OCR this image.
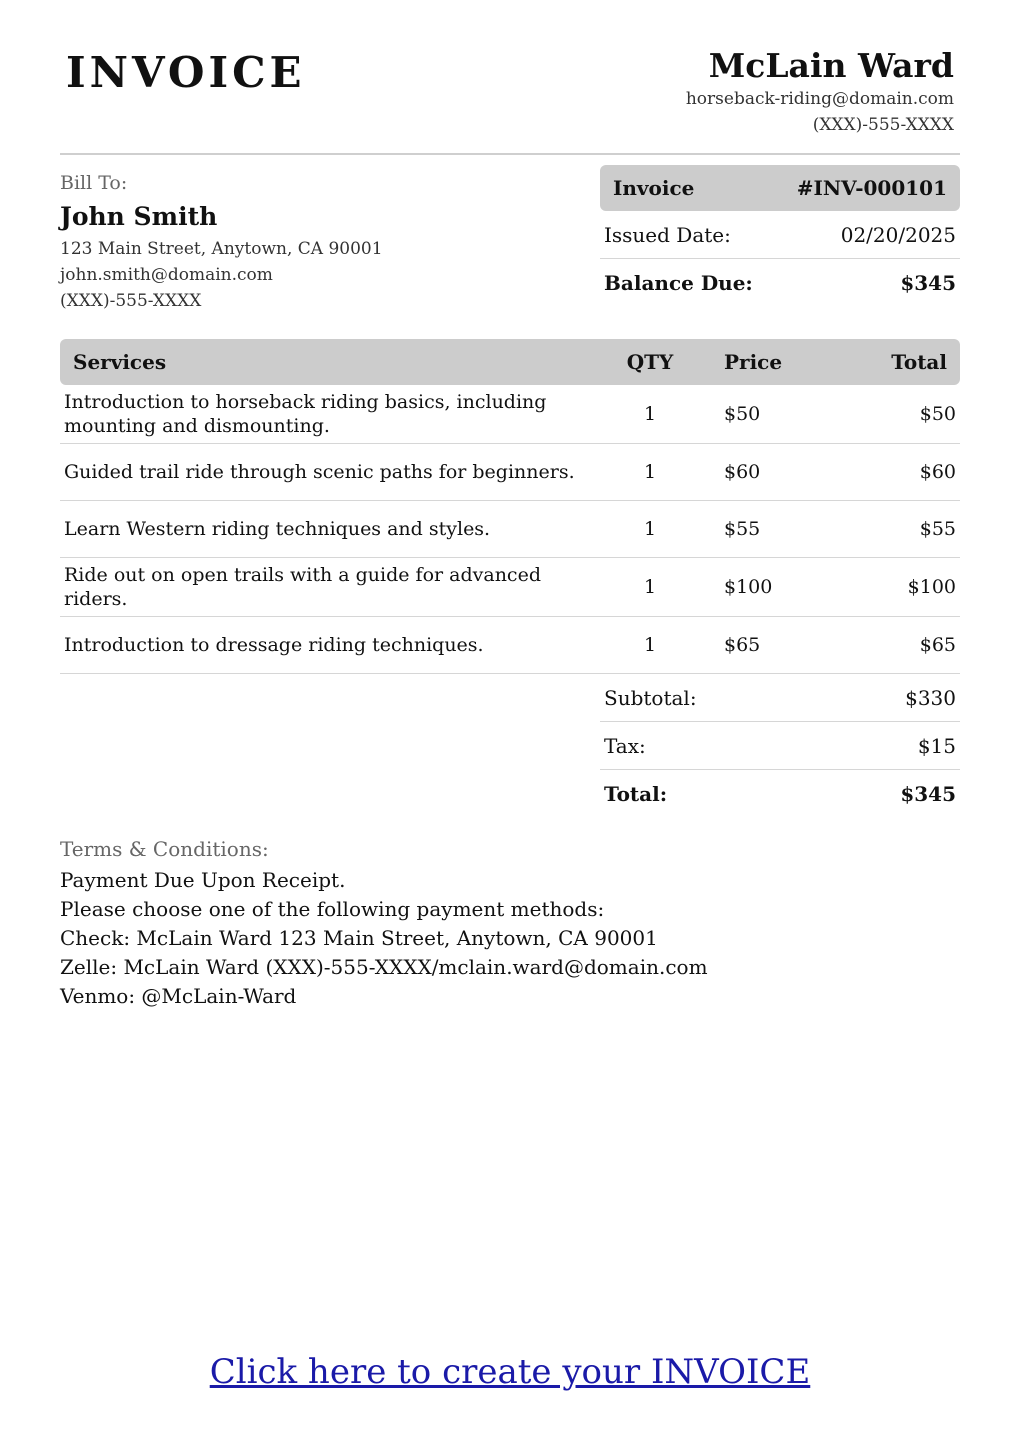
INVOICE	McLain Ward
horseback-riding@domain.com
(XXX)-555-XXXX
Bill To:
John Smith
123 Main Street, Anytown, CA 90001
john.smith@domain.com
(XXX)-555-XXXX
Invoice	#INV-000101
Issued Date:	02/20/2025
Balance Due:	$345
Services	QTY	Price	Total
Introduction to horseback riding basics, including mounting and dismounting.	1	$50	$50
Guided trail ride through scenic paths for beginners.	1	$60	$60
Learn Western riding techniques and styles.	1	$55	$55
Ride out on open trails with a guide for advanced riders.	1	$100	$100
Introduction to dressage riding techniques.	1	$65	$65
Subtotal:	$330
Tax:	$15
Total:	$345
Terms & Conditions:
Payment Due Upon Receipt.
Please choose one of the following payment methods:
Check: McLain Ward 123 Main Street, Anytown, CA 90001
Zelle: McLain Ward (XXX)-555-XXXX/mclain.ward@domain.com
Venmo: @McLain-Ward
Click here to create your INVOICE
